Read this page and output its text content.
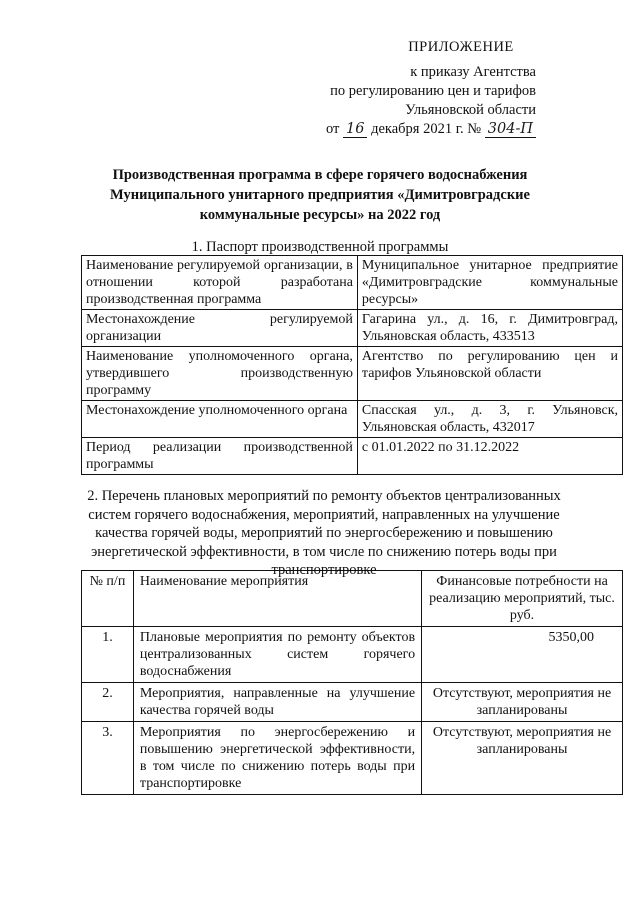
ПРИЛОЖЕНИЕ
к приказу Агентства
по регулированию цен и тарифов
Ульяновской области
от 16 декабря 2021 г. № 304-П
Производственная программа в сфере горячего водоснабжения
Муниципального унитарного предприятия «Димитровградские
коммунальные ресурсы» на 2022 год
1. Паспорт производственной программы
Наименование регулируемой организации, в отношении которой разработана производственная программа	Муниципальное унитарное предприятие «Димитровградские коммунальные ресурсы»
Местонахождение регулируемой организации	Гагарина ул., д. 16, г. Димитровград, Ульяновская область, 433513
Наименование уполномоченного органа, утвердившего производственную программу	Агентство по регулированию цен и тарифов Ульяновской области
Местонахождение уполномоченного органа	Спасская ул., д. 3, г. Ульяновск, Ульяновская область, 432017
Период реализации производственной программы	с 01.01.2022 по 31.12.2022
2. Перечень плановых мероприятий по ремонту объектов централизованных систем горячего водоснабжения, мероприятий, направленных на улучшение качества горячей воды, мероприятий по энергосбережению и повышению энергетической эффективности, в том числе по снижению потерь воды при транспортировке
№ п/п	Наименование мероприятия	Финансовые потребности на реализацию мероприятий, тыс. руб.
1.	Плановые мероприятия по ремонту объектов централизованных систем горячего водоснабжения	5350,00
2.	Мероприятия, направленные на улучшение качества горячей воды	Отсутствуют, мероприятия не запланированы
3.	Мероприятия по энергосбережению и повышению энергетической эффективности, в том числе по снижению потерь воды при транспортировке	Отсутствуют, мероприятия не запланированы
